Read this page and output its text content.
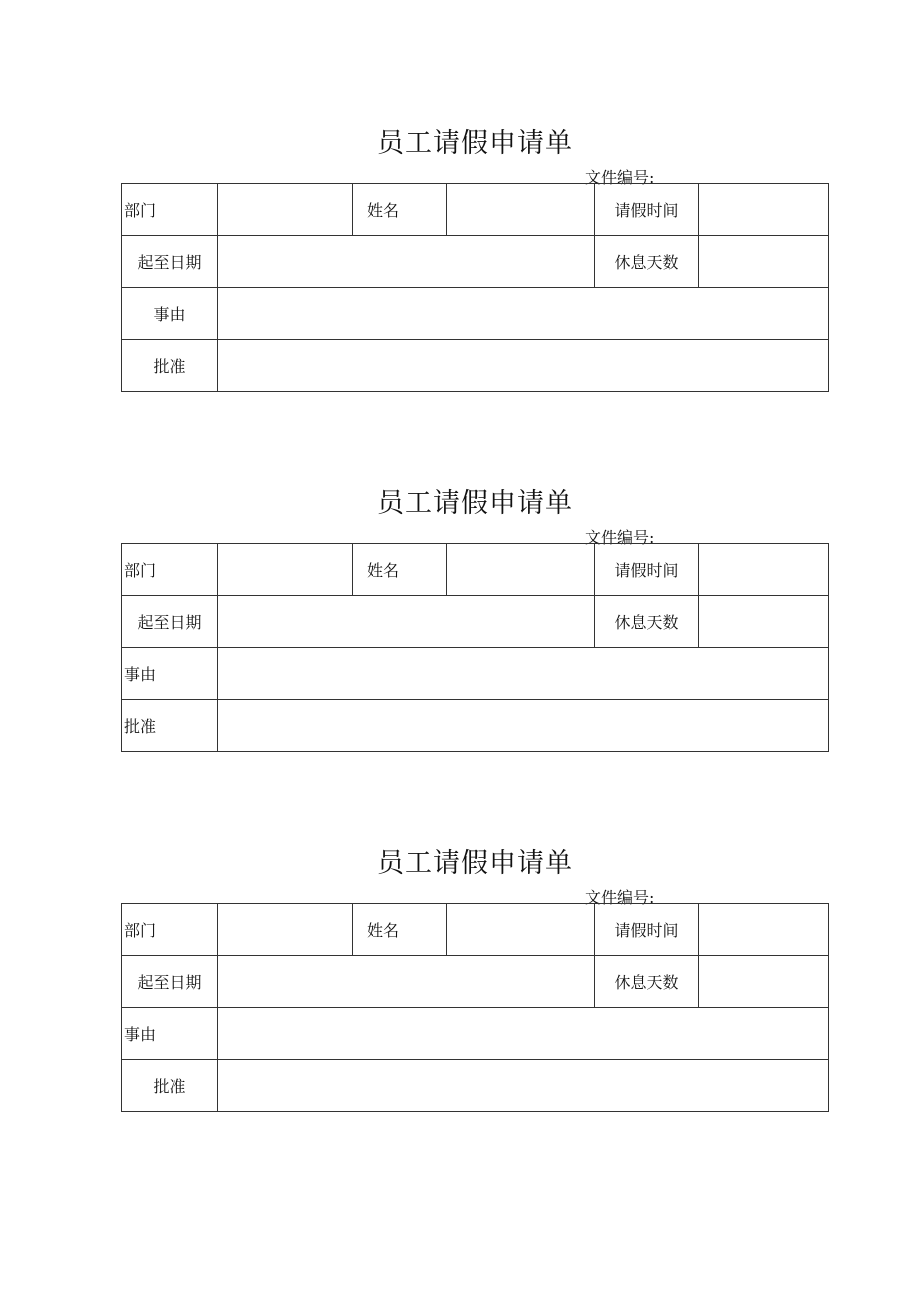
员工请假申请单
文件编号:
部门		姓名		请假时间	
起至日期				休息天数	
事由					
批准					
员工请假申请单
文件编号:
部门		姓名		请假时间	
起至日期				休息天数	
事由					
批准					
员工请假申请单
文件编号:
部门		姓名		请假时间	
起至日期				休息天数	
事由					
批准					
